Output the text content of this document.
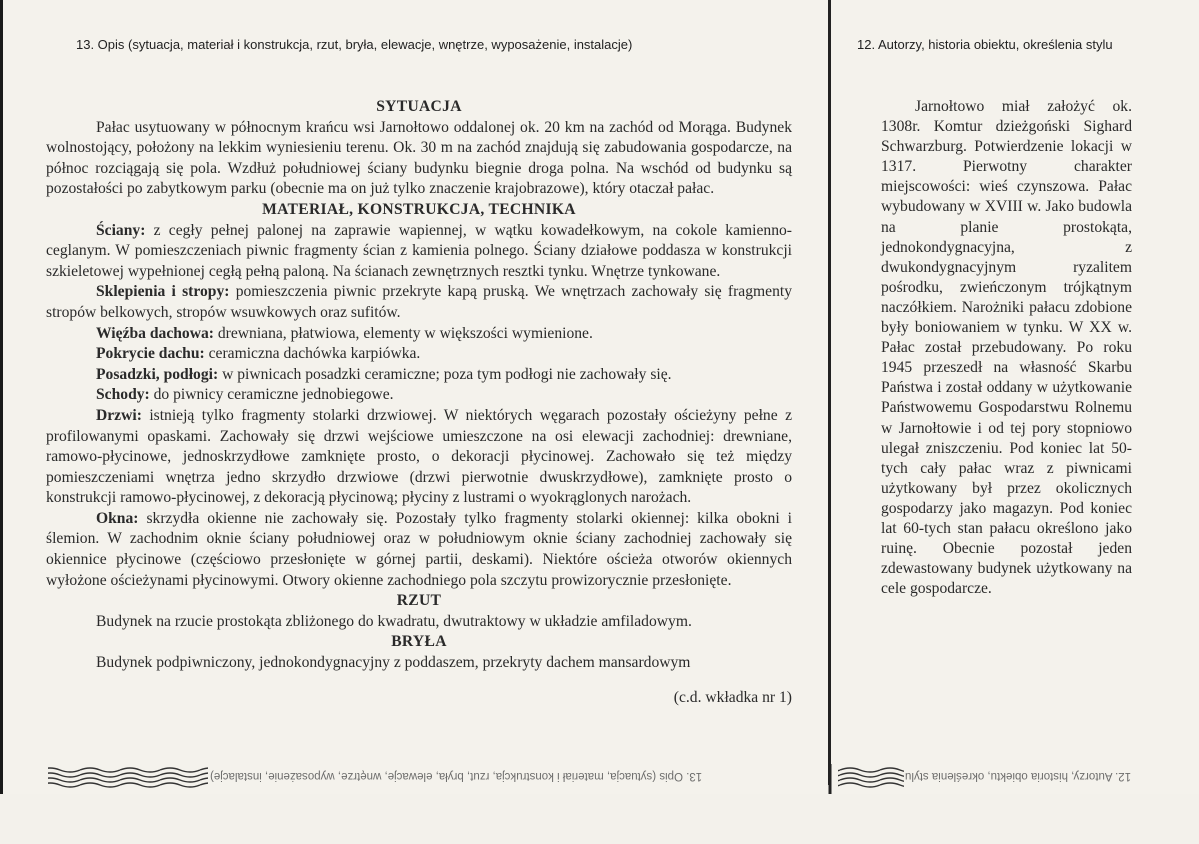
13. Opis (sytuacja, materiał i konstrukcja, rzut, bryła, elewacje, wnętrze, wyposażenie, instalacje)	12. Autorzy, historia obiektu, określenia stylu

SYTUACJA

Pałac usytuowany w północnym krańcu wsi Jarnołtowo oddalonej ok. 20 km na zachód od Morąga. Budynek wolnostojący, położony na lekkim wyniesieniu terenu. Ok. 30 m na zachód znajdują się zabudowania gospodarcze, na północ rozciągają się pola. Wzdłuż południowej ściany budynku biegnie droga polna. Na wschód od budynku są pozostałości po zabytkowym parku (obecnie ma on już tylko znaczenie krajobrazowe), który otaczał pałac.

MATERIAŁ, KONSTRUKCJA, TECHNIKA

Ściany: z cegły pełnej palonej na zaprawie wapiennej, w wątku kowadełkowym, na cokole kamienno-ceglanym. W pomieszczeniach piwnic fragmenty ścian z kamienia polnego. Ściany działowe poddasza w konstrukcji szkieletowej wypełnionej cegłą pełną paloną. Na ścianach zewnętrznych resztki tynku. Wnętrze tynkowane.

Sklepienia i stropy: pomieszczenia piwnic przekryte kapą pruską. We wnętrzach zachowały się fragmenty stropów belkowych, stropów wsuwkowych oraz sufitów.

Więźba dachowa: drewniana, płatwiowa, elementy w większości wymienione.

Pokrycie dachu: ceramiczna dachówka karpiówka.

Posadzki, podłogi: w piwnicach posadzki ceramiczne; poza tym podłogi nie zachowały się.

Schody: do piwnicy ceramiczne jednobiegowe.

Drzwi: istnieją tylko fragmenty stolarki drzwiowej. W niektórych węgarach pozostały ościeżyny pełne z profilowanymi opaskami. Zachowały się drzwi wejściowe umieszczone na osi elewacji zachodniej: drewniane, ramowo-płycinowe, jednoskrzydłowe zamknięte prosto, o dekoracji płycinowej. Zachowało się też między pomieszczeniami wnętrza jedno skrzydło drzwiowe (drzwi pierwotnie dwuskrzydłowe), zamknięte prosto o konstrukcji ramowo-płycinowej, z dekoracją płycinową; płyciny z lustrami o wyokrąglonych narożach.

Okna: skrzydła okienne nie zachowały się. Pozostały tylko fragmenty stolarki okiennej: kilka obokni i ślemion. W zachodnim oknie ściany południowej oraz w południowym oknie ściany zachodniej zachowały się okiennice płycinowe (częściowo przesłonięte w górnej partii, deskami). Niektóre ościeża otworów okiennych wyłożone ościeżynami płycinowymi. Otwory okienne zachodniego pola szczytu prowizorycznie przesłonięte.

RZUT

Budynek na rzucie prostokąta zbliżonego do kwadratu, dwutraktowy w układzie amfiladowym.

BRYŁA

Budynek podpiwniczony, jednokondygnacyjny z poddaszem, przekryty dachem mansardowym

(c.d. wkładka nr 1)

Jarnołtowo miał założyć ok. 1308r. Komtur dzieżgoński Sighard Schwarzburg. Potwierdzenie lokacji w 1317. Pierwotny charakter miejscowości: wieś czynszowa. Pałac wybudowany w XVIII w. Jako budowla na planie prostokąta, jednokondygnacyjna, z dwukondygnacyjnym ryzalitem pośrodku, zwieńczonym trójkątnym naczółkiem. Narożniki pałacu zdobione były boniowaniem w tynku. W XX w. Pałac został przebudowany. Po roku 1945 przeszedł na własność Skarbu Państwa i został oddany w użytkowanie Państwowemu Gospodarstwu Rolnemu w Jarnołtowie i od tej pory stopniowo ulegał zniszczeniu. Pod koniec lat 50-tych cały pałac wraz z piwnicami użytkowany był przez okolicznych gospodarzy jako magazyn. Pod koniec lat 60-tych stan pałacu określono jako ruinę. Obecnie pozostał jeden zdewastowany budynek użytkowany na cele gospodarcze.

13. Opis (sytuacja, materiał i konstrukcja, rzut, bryła, elewacje, wnętrze, wyposażenie, instalacje)	12. Autorzy, historia obiektu, określenia stylu
